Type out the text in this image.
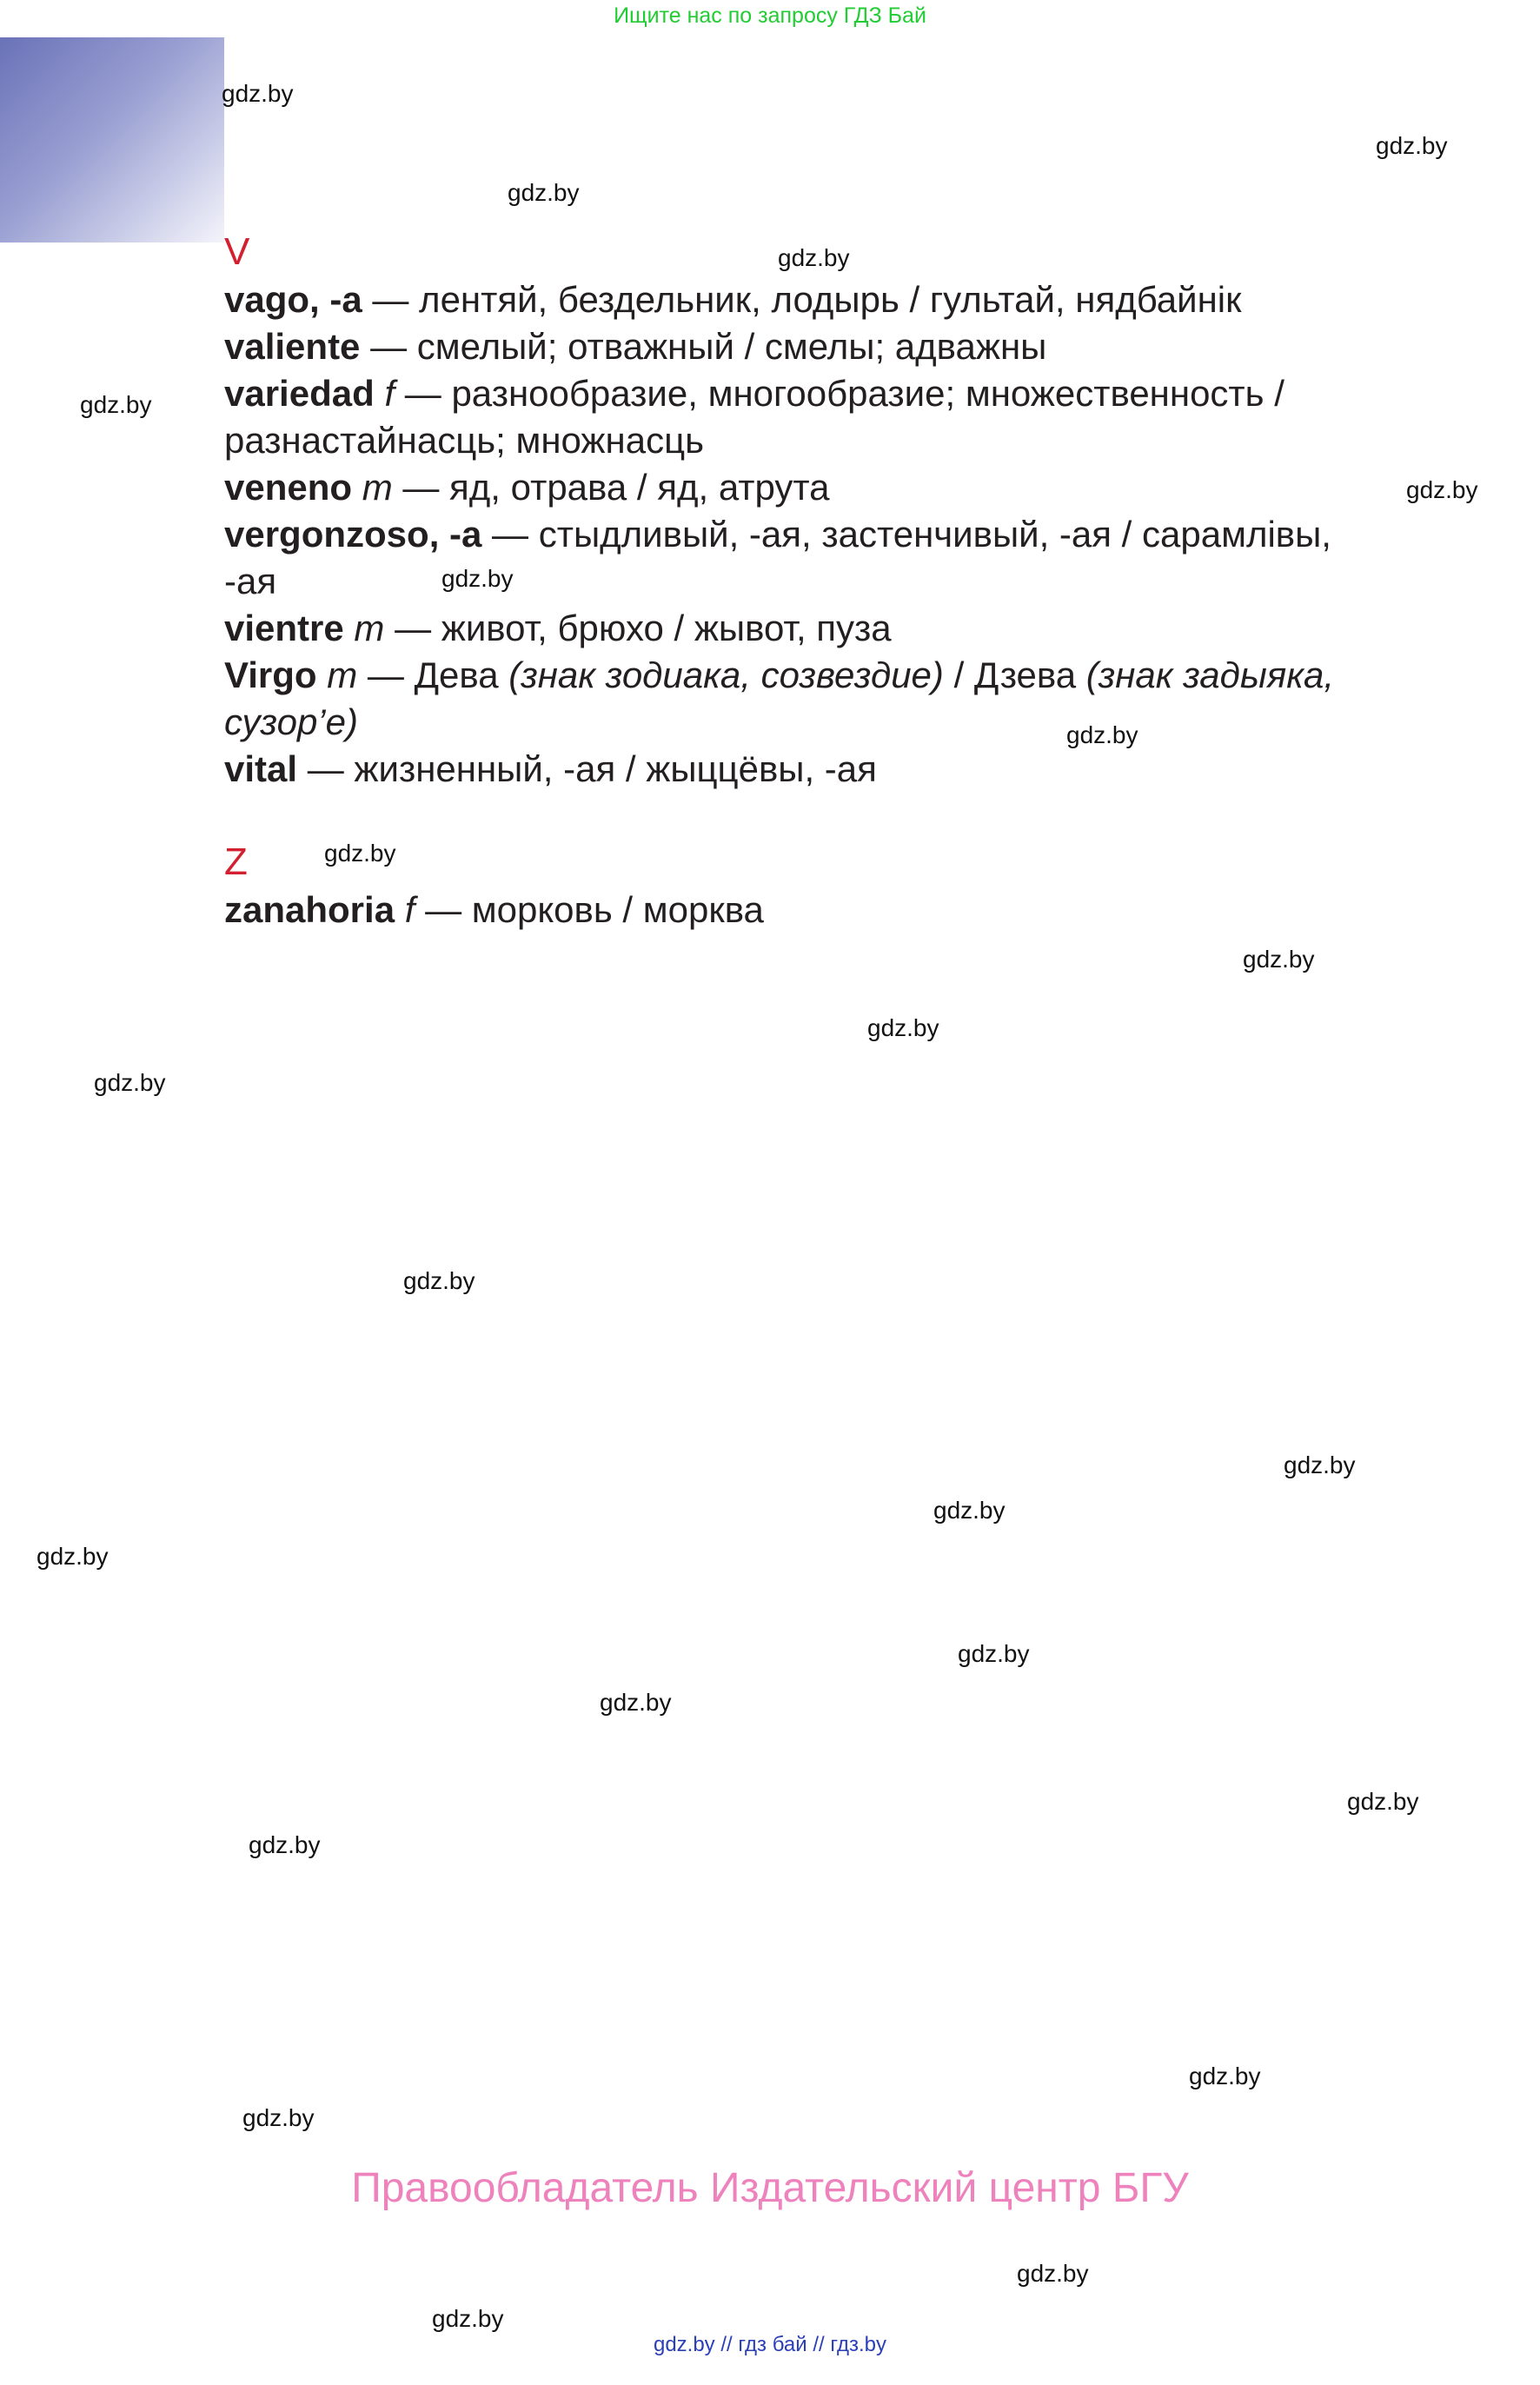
Ищите нас по запросу ГДЗ Бай
V
vago, -a — лентяй, бездельник, лодырь / гультай, нядбайнік
valiente — смелый; отважный / смелы; адважны
variedad f — разнообразие, многообразие; множественность / разнастайнасць; множнасць
veneno m — яд, отрава / яд, атрута
vergonzoso, -a — стыдливый, -ая, застенчивый, -ая / сарамлівы, -ая
vientre m — живот, брюхо / жывот, пуза
Virgo m — Дева (знак зодиака, созвездие) / Дзева (знак задыяка, сузор’е)
vital — жизненный, -ая / жыццёвы, -ая
Z
zanahoria f — морковь / морква
gdz.by
gdz.by
gdz.by
gdz.by
gdz.by
gdz.by
gdz.by
gdz.by
gdz.by
gdz.by
gdz.by
gdz.by
gdz.by
gdz.by
gdz.by
gdz.by
gdz.by
gdz.by
gdz.by
gdz.by
gdz.by
gdz.by
gdz.by
gdz.by
Правообладатель Издательский центр БГУ
gdz.by // гдз бай // гдз.by
